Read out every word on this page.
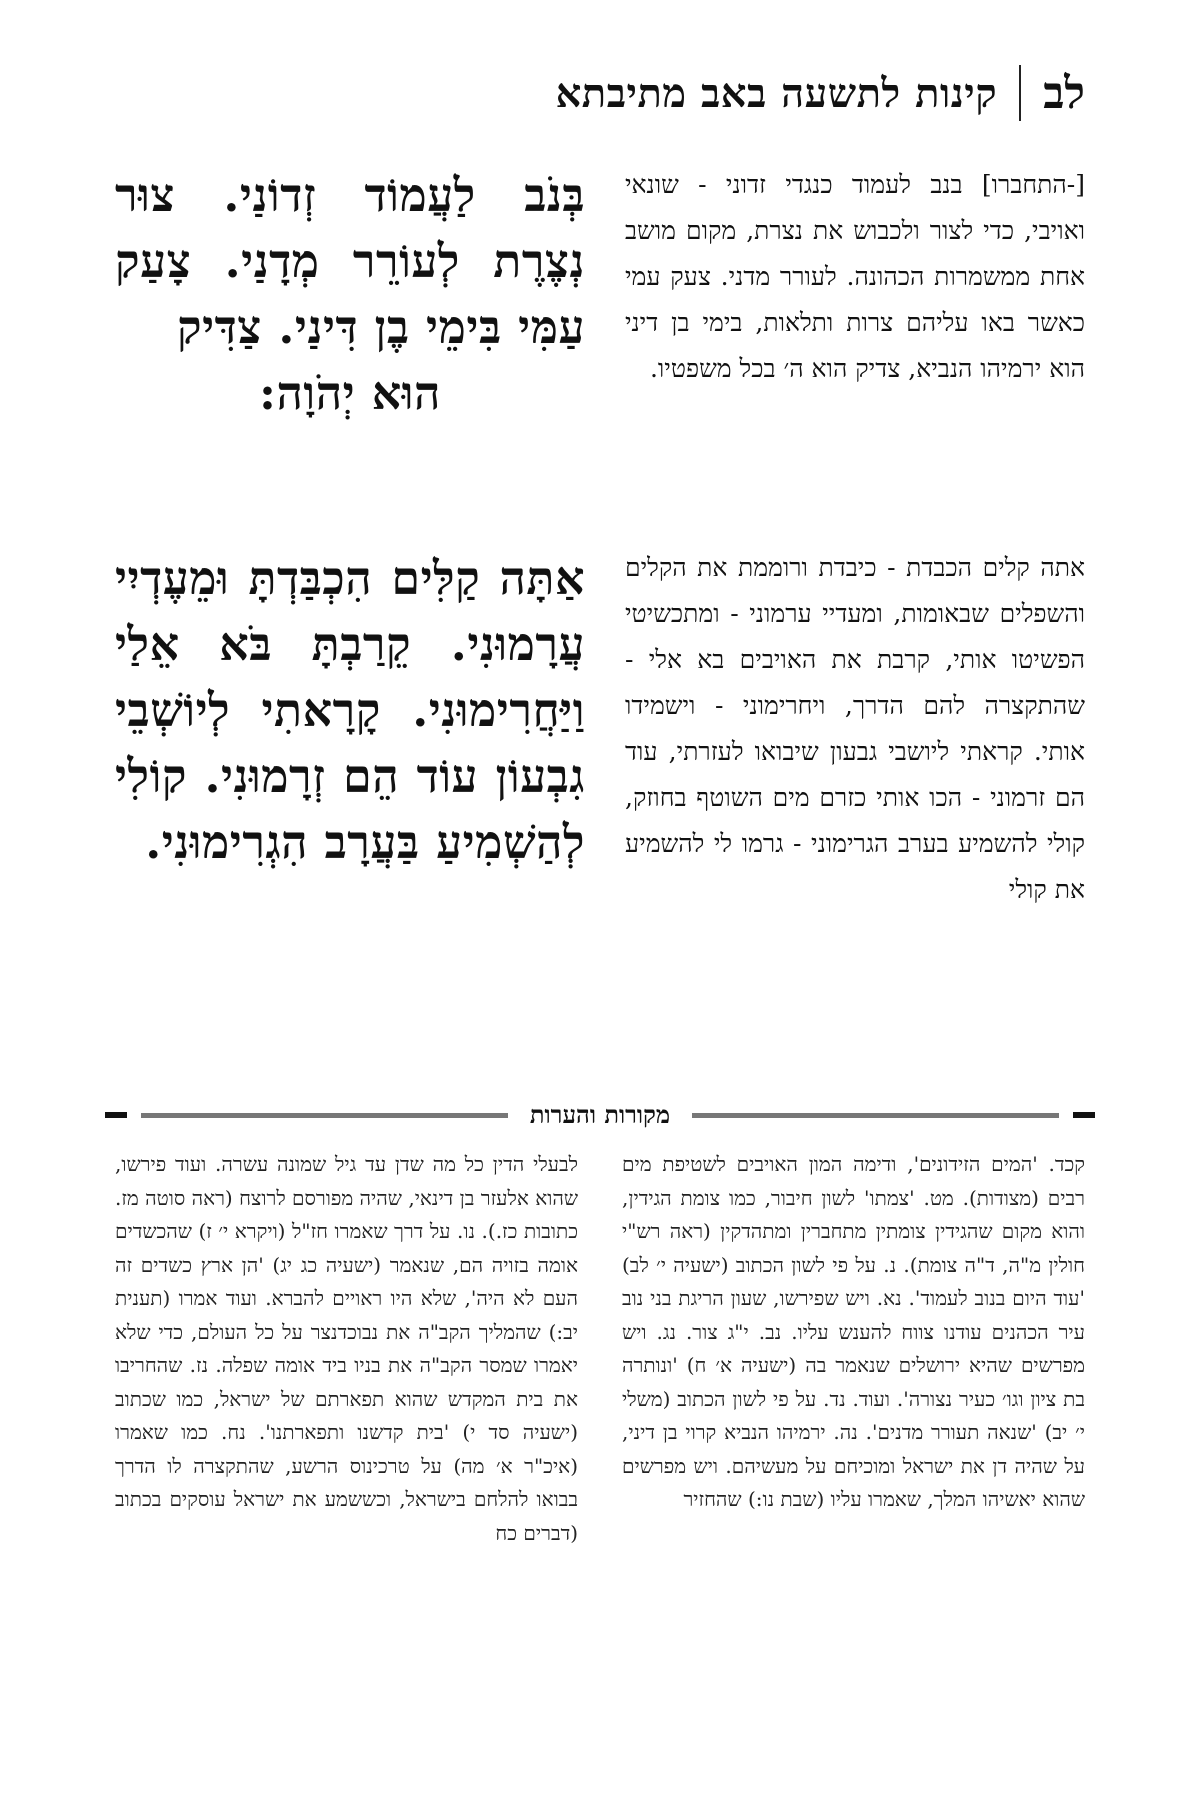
לב
קינות לתשעה באב מתיבתא
[-התחברו] בנב לעמוד כנגדי זדוני - שונאי ואויבי, כדי לצור ולכבוש את נצרת, מקום מושב אחת ממשמרות הכהונה. לעורר מדני. צעק עמי כאשר באו עליהם צרות ותלאות, בימי בן דיני הוא ירמיהו הנביא, צדיק הוא ה׳ בכל משפטיו.
בְּנֹב לַעֲמוֹד זְדוֹנַי. צוּר נְצֶרֶת לְעוֹרֵר מְדָנַי. צָעַק עַמִּי בִּימֵי בֶן דִּינַי. צַדִּיק
הוּא יְהֹוָה:
אתה קלים הכבדת - כיבדת ורוממת את הקלים והשפלים שבאומות, ומעדיי ערמוני - ומתכשיטי הפשיטו אותי, קרבת את האויבים בא אלי - שהתקצרה להם הדרך, ויחרימוני - וישמידו אותי. קראתי ליושבי גבעון שיבואו לעזרתי, עוד הם זרמוני - הכו אותי כזרם מים השוטף בחוזק, קולי להשמיע בערב הגרימוני - גרמו לי להשמיע את קולי
אַתָּה קַלִּים הִכְבַּדְתָּ וּמֵעֶדְיִי עֲרָמוּנִי. קֵרַבְתָּ בֹּא אֵלַי וַיַּחֲרִימוּנִי. קָרָאתִי לְיוֹשְׁבֵי גִבְעוֹן עוֹד הֵם זְרָמוּנִי. קוֹלִי לְהַשְׁמִיעַ בַּעֲרָב הִגְרִימוּנִי.
מקורות והערות
קכד. 'המים הזידונים', ודימה המון האויבים לשטיפת מים רבים (מצודות). מט. 'צמתו' לשון חיבור, כמו צומת הגידין, והוא מקום שהגידין צומתין מתחברין ומתהדקין (ראה רש"י חולין מ"ה, ד"ה צומת). נ. על פי לשון הכתוב (ישעיה י׳ לב) 'עוד היום בנוב לעמוד'. נא. ויש שפירשו, שעון הריגת בני נוב עיר הכהנים עודנו צווח להענש עליו. נב. י"ג צור. נג. ויש מפרשים שהיא ירושלים שנאמר בה (ישעיה א׳ ח) 'ונותרה בת ציון וגו׳ כעיר נצורה'. ועוד. נד. על פי לשון הכתוב (משלי י׳ יב) 'שנאה תעורר מדנים'. נה. ירמיהו הנביא קרוי בן דיני, על שהיה דן את ישראל ומוכיחם על מעשיהם. ויש מפרשים שהוא יאשיהו המלך, שאמרו עליו (שבת נו:) שהחזיר
לבעלי הדין כל מה שדן עד גיל שמונה עשרה. ועוד פירשו, שהוא אלעזר בן דינאי, שהיה מפורסם לרוצח (ראה סוטה מז. כתובות כז.). נו. על דרך שאמרו חז"ל (ויקרא י׳ ז) שהכשדים אומה בזויה הם, שנאמר (ישעיה כג יג) 'הן ארץ כשדים זה העם לא היה', שלא היו ראויים להברא. ועוד אמרו (תענית יב:) שהמליך הקב"ה את נבוכדנצר על כל העולם, כדי שלא יאמרו שמסר הקב"ה את בניו ביד אומה שפלה. נז. שהחריבו את בית המקדש שהוא תפארתם של ישראל, כמו שכתוב (ישעיה סד י) 'בית קדשנו ותפארתנו'. נח. כמו שאמרו (איכ"ר א׳ מה) על טרכינוס הרשע, שהתקצרה לו הדרך בבואו להלחם בישראל, וכששמע את ישראל עוסקים בכתוב (דברים כח
